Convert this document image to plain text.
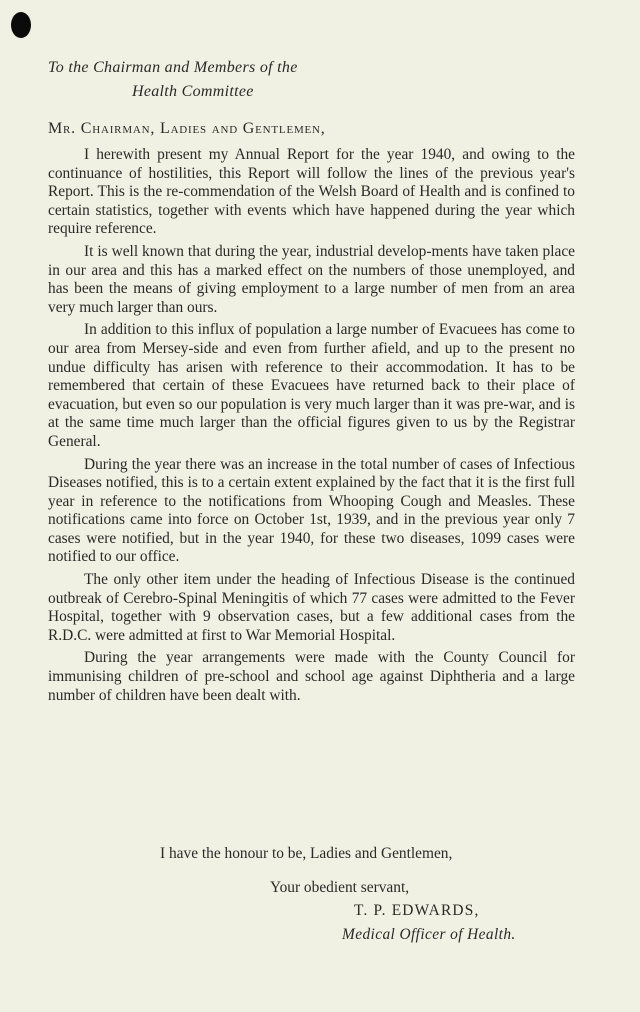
To the Chairman and Members of the
Health Committee
Mr. Chairman, Ladies and Gentlemen,

I herewith present my Annual Report for the year 1940, and owing to the continuance of hostilities, this Report will follow the lines of the previous year's Report. This is the re-commendation of the Welsh Board of Health and is confined to certain statistics, together with events which have happened during the year which require reference.

It is well known that during the year, industrial develop-ments have taken place in our area and this has a marked effect on the numbers of those unemployed, and has been the means of giving employment to a large number of men from an area very much larger than ours.

In addition to this influx of population a large number of Evacuees has come to our area from Mersey-side and even from further afield, and up to the present no undue difficulty has arisen with reference to their accommodation. It has to be remembered that certain of these Evacuees have returned back to their place of evacuation, but even so our population is very much larger than it was pre-war, and is at the same time much larger than the official figures given to us by the Registrar General.

During the year there was an increase in the total number of cases of Infectious Diseases notified, this is to a certain extent explained by the fact that it is the first full year in reference to the notifications from Whooping Cough and Measles. These notifications came into force on October 1st, 1939, and in the previous year only 7 cases were notified, but in the year 1940, for these two diseases, 1099 cases were notified to our office.

The only other item under the heading of Infectious Disease is the continued outbreak of Cerebro-Spinal Meningitis of which 77 cases were admitted to the Fever Hospital, together with 9 observation cases, but a few additional cases from the R.D.C. were admitted at first to War Memorial Hospital.

During the year arrangements were made with the County Council for immunising children of pre-school and school age against Diphtheria and a large number of children have been dealt with.

I have the honour to be, Ladies and Gentlemen,
Your obedient servant,
T. P. EDWARDS,
Medical Officer of Health.
